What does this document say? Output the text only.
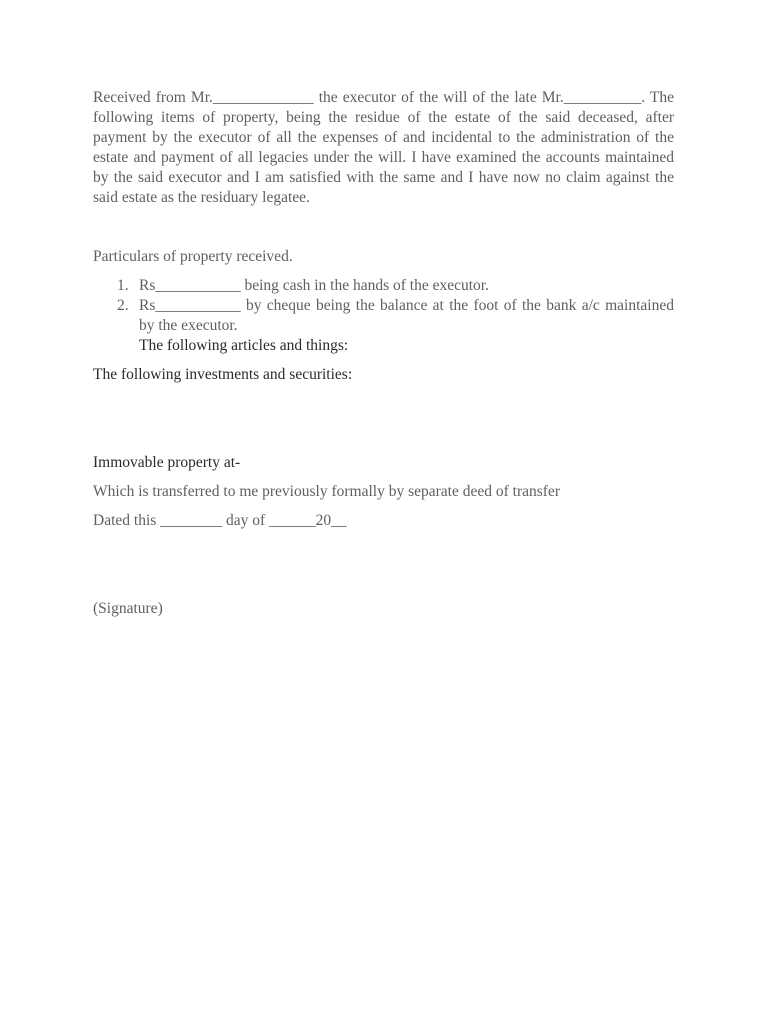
Received from Mr._____________ the executor of the will of the late Mr.__________. The following items of property, being the residue of the estate of the said deceased, after payment by the executor of all the expenses of and incidental to the administration of the estate and payment of all legacies under the will. I have examined the accounts maintained by the said executor and I am satisfied with the same and I have now no claim against the said estate as the residuary legatee.

Particulars of property received.

1. Rs___________ being cash in the hands of the executor.
2. Rs___________ by cheque being the balance at the foot of the bank a/c maintained by the executor.
The following articles and things:

The following investments and securities:

Immovable property at-

Which is transferred to me previously formally by separate deed of transfer

Dated this ________ day of ______20__

(Signature)
